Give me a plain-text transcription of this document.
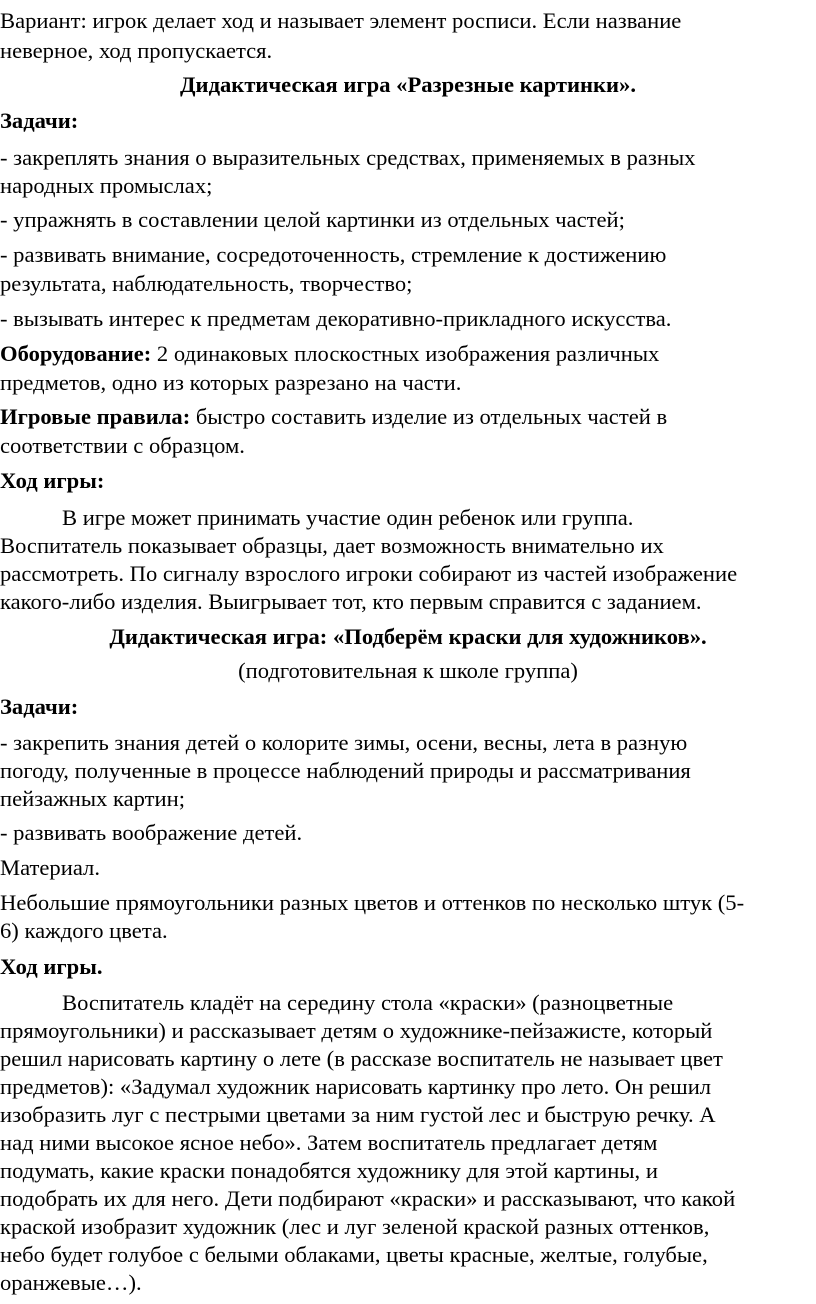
Вариант: игрок делает ход и называет элемент росписи. Если название

неверное, ход пропускается.

Дидактическая игра «Разрезные картинки».

Задачи:

- закреплять знания о выразительных средствах, применяемых в разных

народных промыслах;

- упражнять в составлении целой картинки из отдельных частей;

- развивать внимание, сосредоточенность, стремление к достижению

результата, наблюдательность, творчество;

- вызывать интерес к предметам декоративно-прикладного искусства.

Оборудование: 2 одинаковых плоскостных изображения различных

предметов, одно из которых разрезано на части.

Игровые правила: быстро составить изделие из отдельных частей в

соответствии с образцом.

Ход игры:

В игре может принимать участие один ребенок или группа.

Воспитатель показывает образцы, дает возможность внимательно их

рассмотреть. По сигналу взрослого игроки собирают из частей изображение

какого-либо изделия. Выигрывает тот, кто первым справится с заданием.

Дидактическая игра: «Подберём краски для художников».

(подготовительная к школе группа)

Задачи:

- закрепить знания детей о колорите зимы, осени, весны, лета в разную

погоду, полученные в процессе наблюдений природы и рассматривания

пейзажных картин;

- развивать воображение детей.

Материал.

Небольшие прямоугольники разных цветов и оттенков по несколько штук (5-

6) каждого цвета.

Ход игры.

Воспитатель кладёт на середину стола «краски» (разноцветные

прямоугольники) и рассказывает детям о художнике-пейзажисте, который

решил нарисовать картину о лете (в рассказе воспитатель не называет цвет

предметов): «Задумал художник нарисовать картинку про лето. Он решил

изобразить луг с пестрыми цветами за ним густой лес и быструю речку. А

над ними высокое ясное небо». Затем воспитатель предлагает детям

подумать, какие краски понадобятся художнику для этой картины, и

подобрать их для него. Дети подбирают «краски» и рассказывают, что какой

краской изобразит художник (лес и луг зеленой краской разных оттенков,

небо будет голубое с белыми облаками, цветы красные, желтые, голубые,

оранжевые…).
